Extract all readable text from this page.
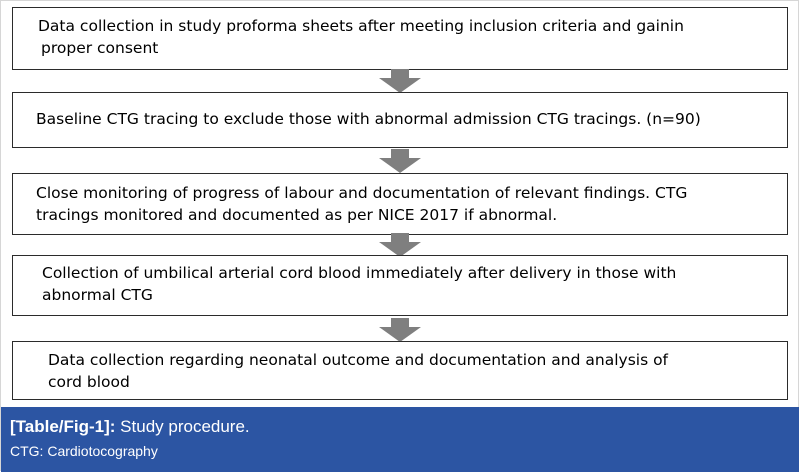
Data collection in study proforma sheets after meeting inclusion criteria and gainin
proper consent
Baseline CTG tracing to exclude those with abnormal admission CTG tracings. (n=90)
Close monitoring of progress of labour and documentation of relevant findings. CTG
tracings monitored and documented as per NICE 2017 if abnormal.
Collection of umbilical arterial cord blood immediately after delivery in those with
abnormal CTG
Data collection regarding neonatal outcome and documentation and analysis of
cord blood
[Table/Fig-1]: Study procedure.
CTG: Cardiotocography
